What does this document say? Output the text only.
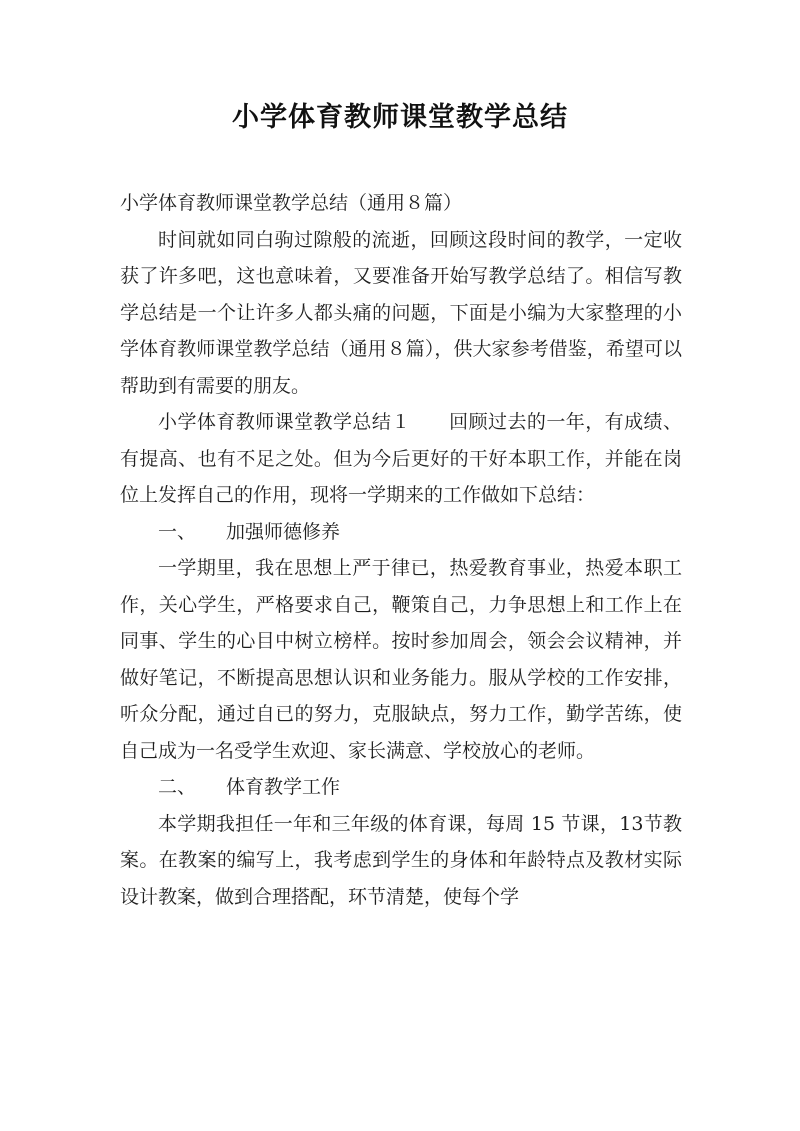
小学体育教师课堂教学总结

小学体育教师课堂教学总结（通用８篇）

时间就如同白驹过隙般的流逝，回顾这段时间的教学，一定收获了许多吧，这也意味着，又要准备开始写教学总结了。相信写教学总结是一个让许多人都头痛的问题，下面是小编为大家整理的小学体育教师课堂教学总结（通用８篇），供大家参考借鉴，希望可以帮助到有需要的朋友。

小学体育教师课堂教学总结１ 回顾过去的一年，有成绩、有提高、也有不足之处。但为今后更好的干好本职工作，并能在岗位上发挥自己的作用，现将一学期来的工作做如下总结：

一、 加强师德修养

一学期里，我在思想上严于律已，热爱教育事业，热爱本职工作，关心学生，严格要求自己，鞭策自己，力争思想上和工作上在同事、学生的心目中树立榜样。按时参加周会，领会会议精神，并做好笔记，不断提高思想认识和业务能力。服从学校的工作安排，听众分配，通过自已的努力，克服缺点，努力工作，勤学苦练，使自己成为一名受学生欢迎、家长满意、学校放心的老师。

二、 体育教学工作

本学期我担任一年和三年级的体育课，每周 15 节课，13节教案。在教案的编写上，我考虑到学生的身体和年龄特点及教材实际设计教案，做到合理搭配，环节清楚，使每个学
